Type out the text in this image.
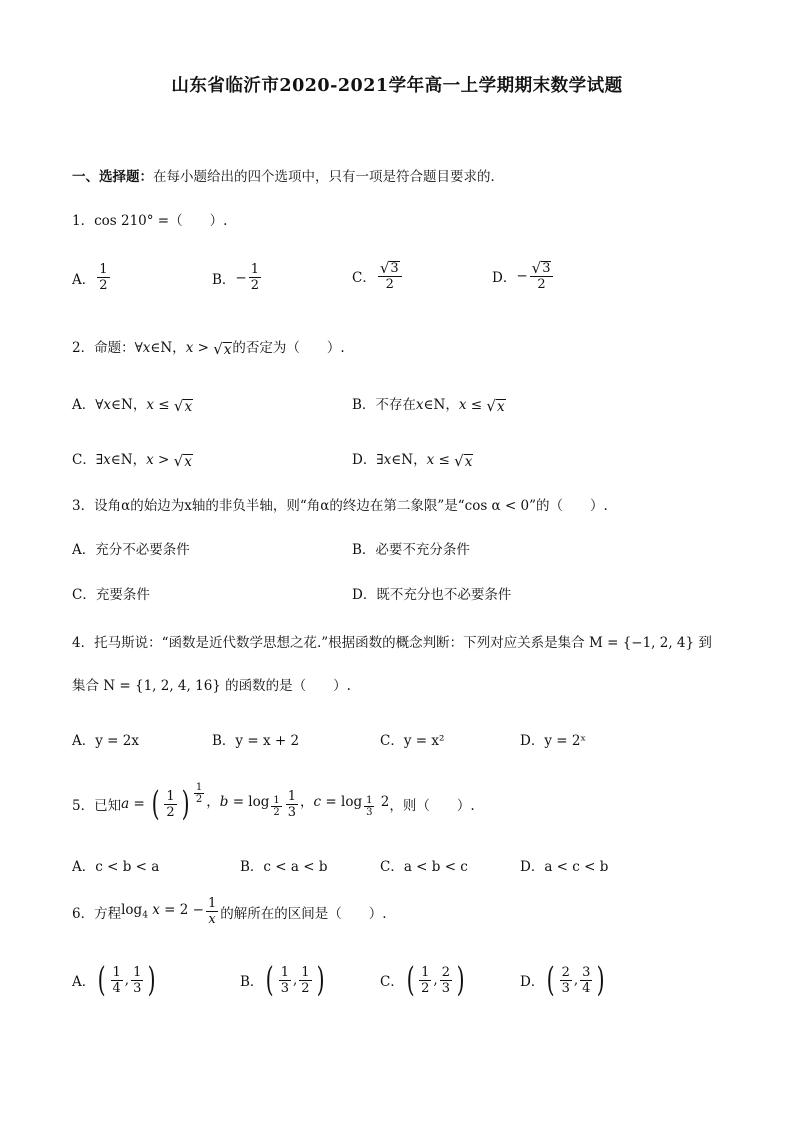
山东省临沂市2020-2021学年高一上学期期末数学试题
一、选择题：在每小题给出的四个选项中，只有一项是符合题目要求的．
1．cos 210° =（　　）.
A． $\frac{1}{2}$	B． − $\frac{1}{2}$	C． $\frac{√ 3}{2}$	D． − $\frac{√ 3}{2}$
2．命题：∀x∈N，x > √ x 的否定为（　　）.
A．∀x∈N，x ≤ √ x	B．不存在x∈N，x ≤ √ x
C．∃x∈N，x > √ x	D．∃x∈N，x ≤ √ x
3．设角α的始边为x轴的非负半轴，则“角α的终边在第二象限”是“cos α < 0”的（　　）.
A．充分不必要条件	B．必要不充分条件
C．充要条件	D．既不充分也不必要条件
4．托马斯说：“函数是近代数学思想之花.”根据函数的概念判断：下列对应关系是集合 M = {−1, 2, 4} 到
集合 N = {1, 2, 4, 16} 的函数的是（　　）.
A．y = 2x	B．y = x + 2	C．y = x²	D．y = 2ˣ
5．已知 a = ( $\frac{1}{2}$ ) $^{\frac{1}{2}}$ ，$b = \log _{\frac{1}{2}} \frac{1}{3}$ ，c = log $_{\frac{1}{3}}$ 2 ，则（　　）.
A．c < b < a	B．c < a < b	C．a < b < c	D．a < c < b
6．方程 $\log_4 x = 2 - \frac{1}{x}$ 的解所在的区间是（　　）.
A． ( $\frac{1}{4}$ , $\frac{1}{3}$ )	B． ( $\frac{1}{3}$ , $\frac{1}{2}$ )	C． ( $\frac{1}{2}$ , $\frac{2}{3}$ )	D． ( $\frac{2}{3}$ , $\frac{3}{4}$ )
